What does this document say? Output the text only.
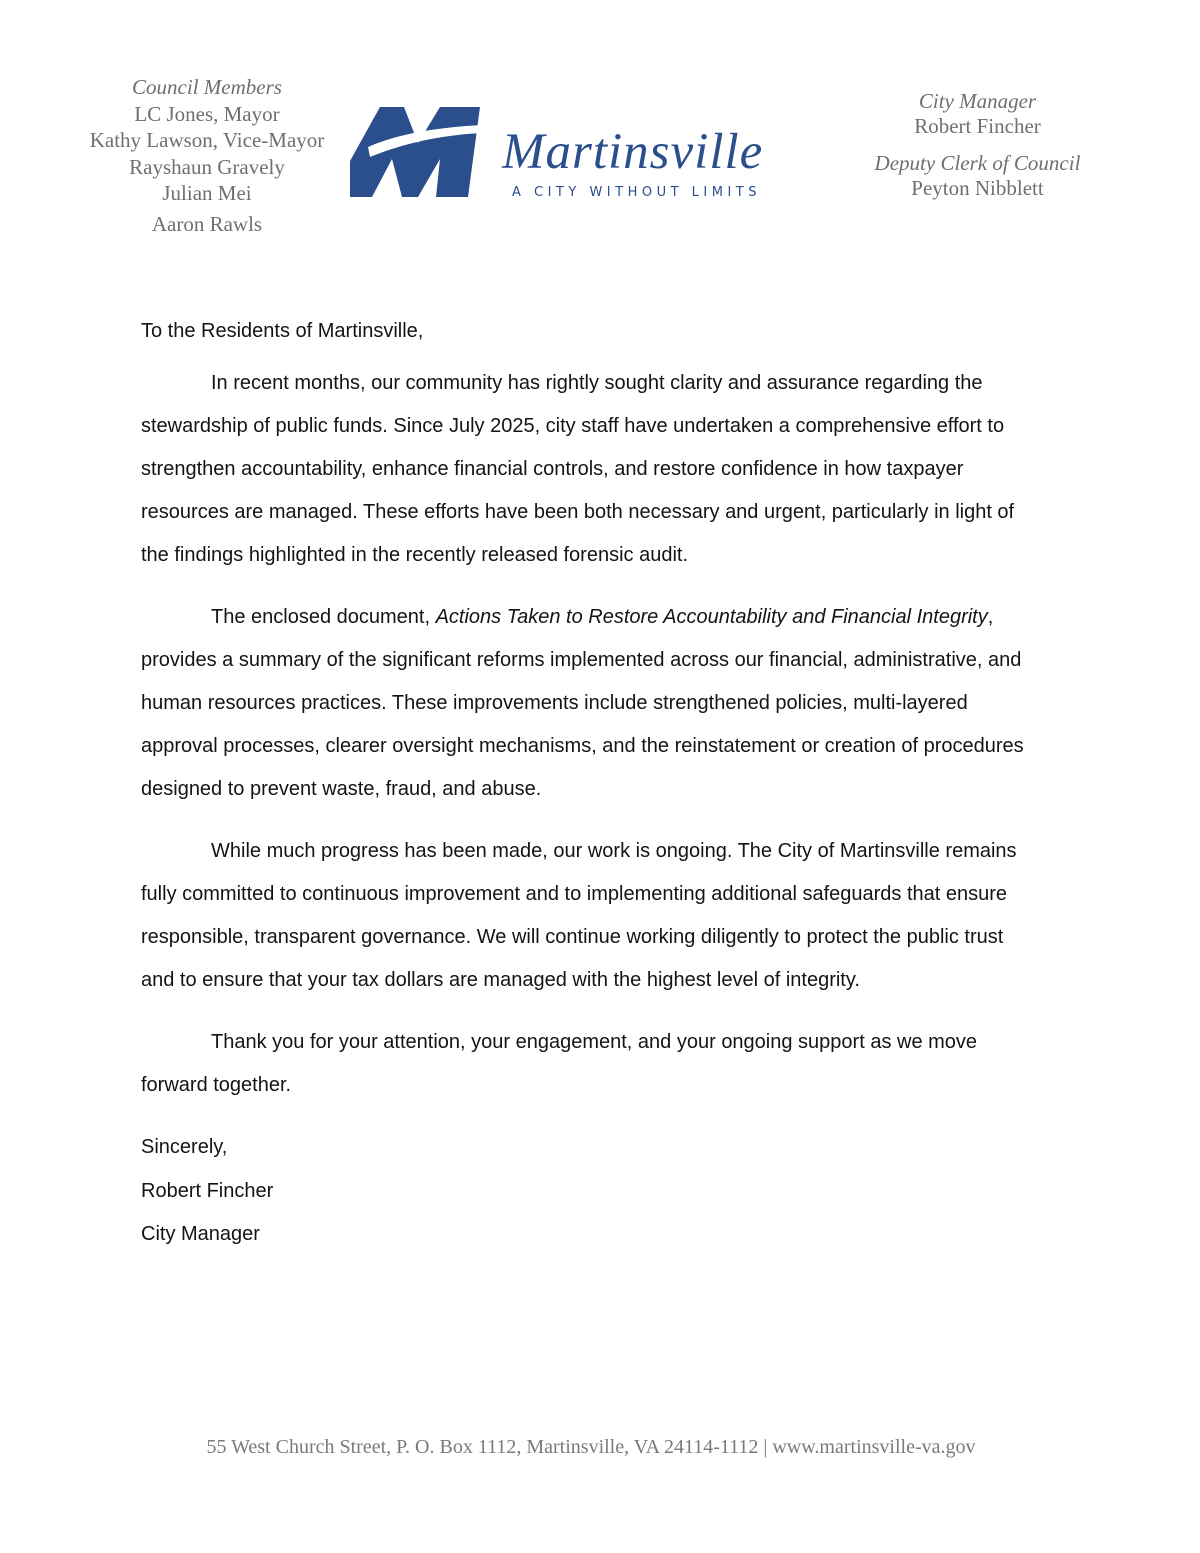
Council Members
LC Jones, Mayor
Kathy Lawson, Vice-Mayor
Rayshaun Gravely
Julian Mei
Aaron Rawls
Martinsville
A CITY WITHOUT LIMITS
City Manager
Robert Fincher
Deputy Clerk of Council
Peyton Nibblett

To the Residents of Martinsville,

In recent months, our community has rightly sought clarity and assurance regarding the stewardship of public funds. Since July 2025, city staff have undertaken a comprehensive effort to strengthen accountability, enhance financial controls, and restore confidence in how taxpayer resources are managed. These efforts have been both necessary and urgent, particularly in light of the findings highlighted in the recently released forensic audit.

The enclosed document, Actions Taken to Restore Accountability and Financial Integrity, provides a summary of the significant reforms implemented across our financial, administrative, and human resources practices. These improvements include strengthened policies, multi-layered approval processes, clearer oversight mechanisms, and the reinstatement or creation of procedures designed to prevent waste, fraud, and abuse.

While much progress has been made, our work is ongoing. The City of Martinsville remains fully committed to continuous improvement and to implementing additional safeguards that ensure responsible, transparent governance. We will continue working diligently to protect the public trust and to ensure that your tax dollars are managed with the highest level of integrity.

Thank you for your attention, your engagement, and your ongoing support as we move forward together.

Sincerely,
Robert Fincher
City Manager

55 West Church Street, P. O. Box 1112, Martinsville, VA 24114-1112 | www.martinsville-va.gov
